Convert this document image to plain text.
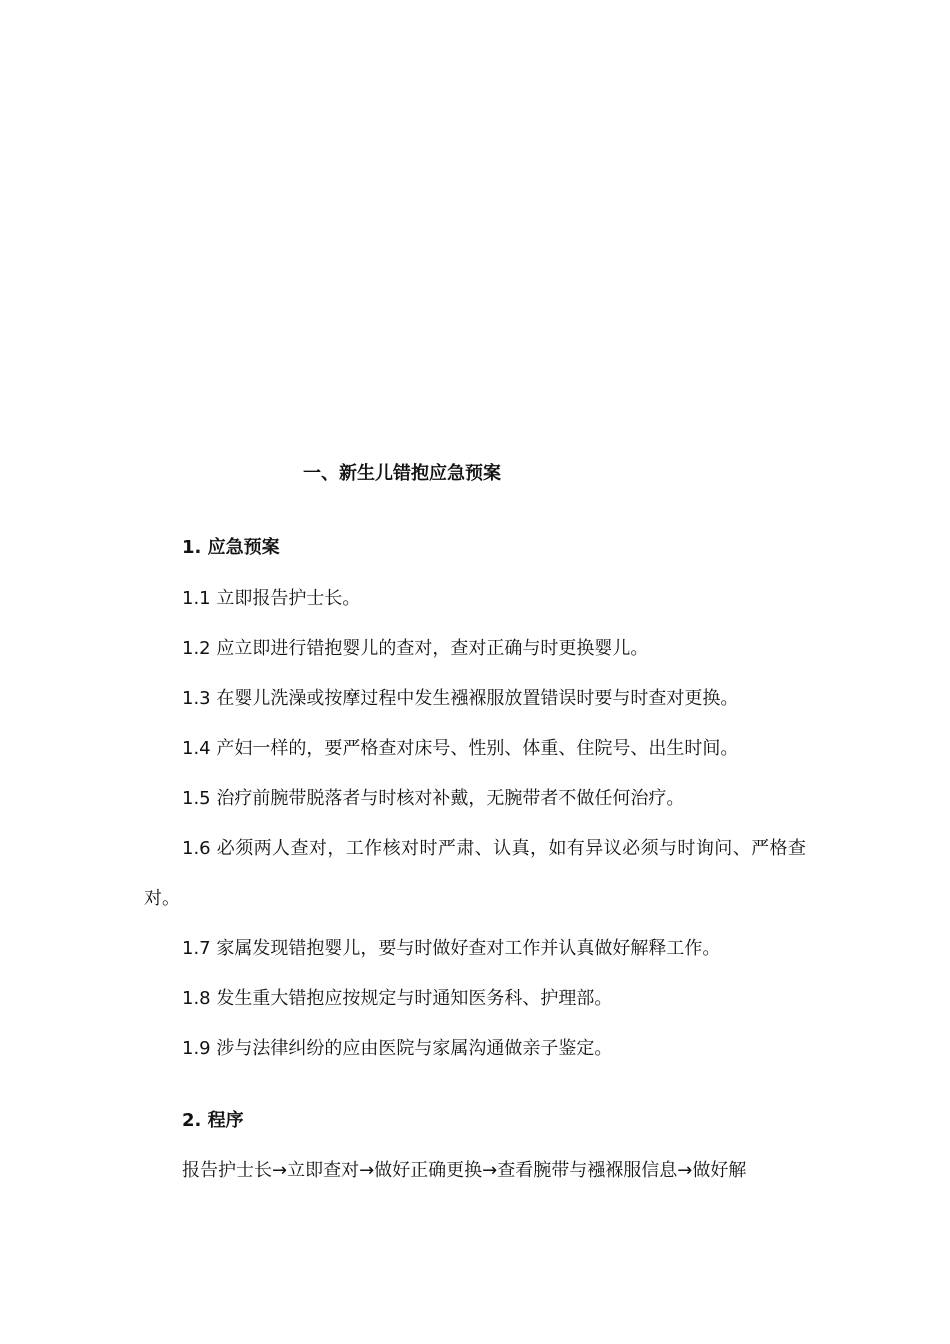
一、新生儿错抱应急预案
1. 应急预案

1.1 立即报告护士长。

1.2 应立即进行错抱婴儿的查对，查对正确与时更换婴儿。

1.3 在婴儿洗澡或按摩过程中发生襁褓服放置错误时要与时查对更换。

1.4 产妇一样的，要严格查对床号、性别、体重、住院号、出生时间。

1.5 治疗前腕带脱落者与时核对补戴，无腕带者不做任何治疗。

1.6 必须两人查对，工作核对时严肃、认真，如有异议必须与时询问、严格查对。

1.7 家属发现错抱婴儿，要与时做好查对工作并认真做好解释工作。

1.8 发生重大错抱应按规定与时通知医务科、护理部。

1.9 涉与法律纠纷的应由医院与家属沟通做亲子鉴定。

2. 程序

报告护士长→立即查对→做好正确更换→查看腕带与襁褓服信息→做好解
